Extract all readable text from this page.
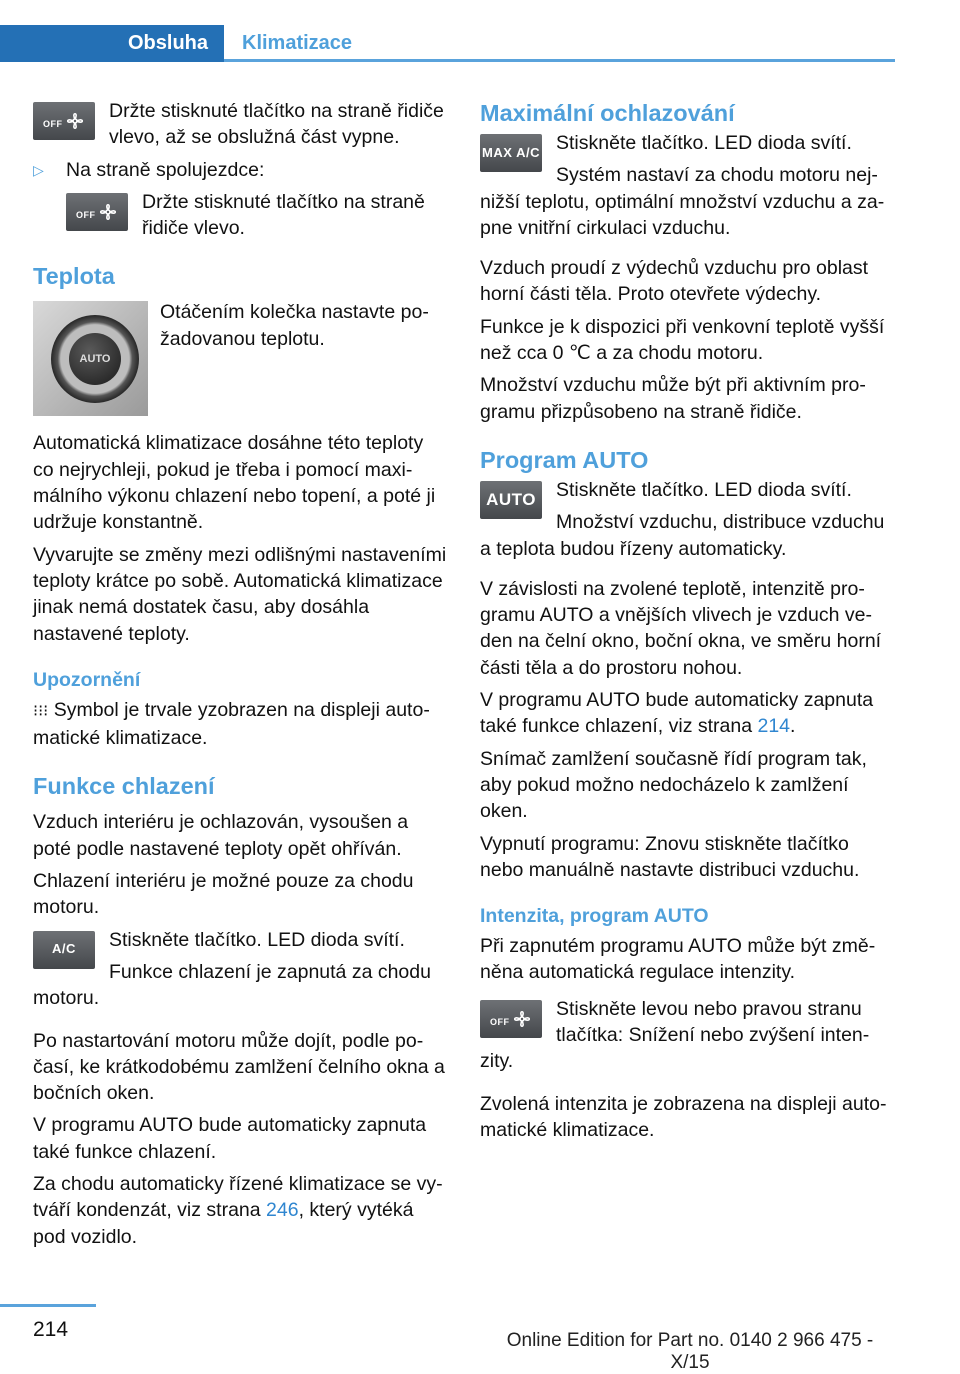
Obsluha	Klimatizace
OFF

Držte stisknuté tlačítko na straně řidiče vlevo, až se obslužná část vypne.

▷ Na straně spolujezdce:

OFF

Držte stisknuté tlačítko na straně řidiče vlevo.

Teplota
AUTO

Otáčením kolečka nastavte požadovanou teplotu.

Automatická klimatizace dosáhne této teploty co nejrychleji, pokud je třeba i pomocí maximálního výkonu chlazení nebo topení, a poté ji udržuje konstantně.

Vyvarujte se změny mezi odlišnými nastaveními teploty krátce po sobě. Automatická klimatizace jinak nemá dostatek času, aby dosáhla nastavené teploty.

Upozornění

⁝⁝⁝ Symbol je trvale yzobrazen na displeji automatické klimatizace.

Funkce chlazení

Vzduch interiéru je ochlazován, vysoušen a poté podle nastavené teploty opět ohříván.

Chlazení interiéru je možné pouze za chodu motoru.

A/C	Stiskněte tlačítko. LED dioda svítí.

Funkce chlazení je zapnutá za chodu motoru.

Po nastartování motoru může dojít, podle počasí, ke krátkodobému zamlžení čelního okna a bočních oken.

V programu AUTO bude automaticky zapnuta také funkce chlazení.

Za chodu automaticky řízené klimatizace se vytváří kondenzát, viz strana 246, který vytéká pod vozidlo.

Maximální ochlazování
MAX A/C Stiskněte tlačítko. LED dioda svítí.

Systém nastaví za chodu motoru nejnižší teplotu, optimální množství vzduchu a zapne vnitřní cirkulaci vzduchu.

Vzduch proudí z výdechů vzduchu pro oblast horní části těla. Proto otevřete výdechy.

Funkce je k dispozici při venkovní teplotě vyšší než cca 0 ℃ a za chodu motoru.

Množství vzduchu může být při aktivním programu přizpůsobeno na straně řidiče.

Program AUTO
AUTO	Stiskněte tlačítko. LED dioda svítí.

Množství vzduchu, distribuce vzduchu a teplota budou řízeny automaticky.

V závislosti na zvolené teplotě, intenzitě programu AUTO a vnějších vlivech je vzduch veden na čelní okno, boční okna, ve směru horní části těla a do prostoru nohou.

V programu AUTO bude automaticky zapnuta také funkce chlazení, viz strana 214.

Snímač zamlžení současně řídí program tak, aby pokud možno nedocházelo k zamlžení oken.

Vypnutí programu: Znovu stiskněte tlačítko nebo manuálně nastavte distribuci vzduchu.

Intenzita, program AUTO

Při zapnutém programu AUTO může být změněna automatická regulace intenzity.

OFF

Stiskněte levou nebo pravou stranu tlačítka: Snížení nebo zvýšení intenzity.

Zvolená intenzita je zobrazena na displeji automatické klimatizace.

214	Online Edition for Part no. 0140 2 966 475 - X/15
